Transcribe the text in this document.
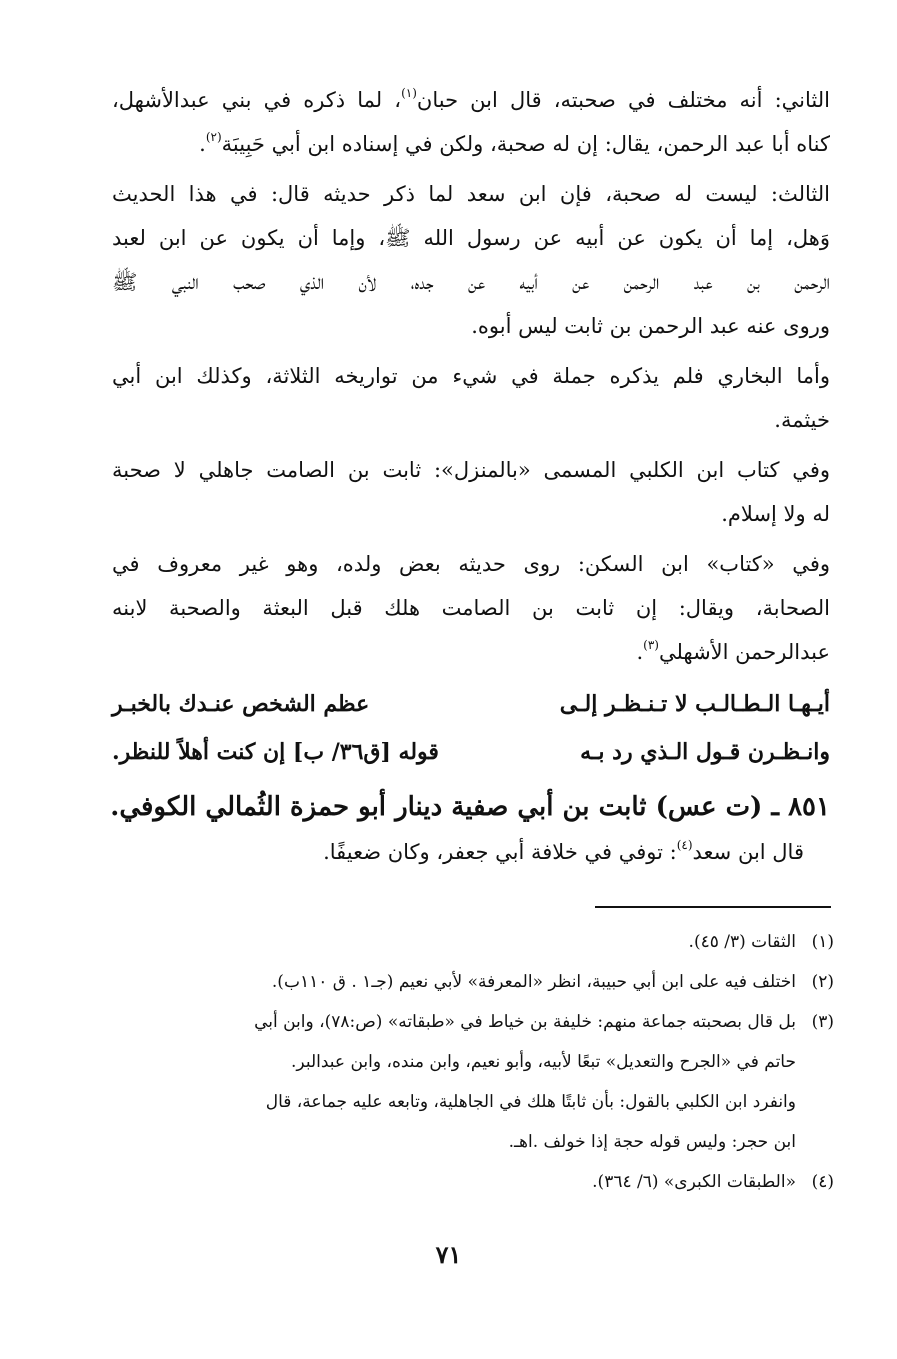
الثاني: أنه مختلف في صحبته، قال ابن حبان$^{(١)}$، لما ذكره في بني عبدالأشهل،
كناه أبا عبد الرحمن، يقال: إن له صحبة، ولكن في إسناده ابن أبي حَبِيبَة$^{(٢)}$.
الثالث: ليست له صحبة، فإن ابن سعد لما ذكر حديثه قال: في هذا الحديث
وَهل، إما أن يكون عن أبيه عن رسول الله ﷺ، وإما أن يكون عن ابن لعبد
الرحمن بن عبد الرحمن عن أبيه عن جده، لأن الذي صحب النبي ﷺ
وروى عنه عبد الرحمن بن ثابت ليس أبوه.
وأما البخاري فلم يذكره جملة في شيء من تواريخه الثلاثة، وكذلك ابن أبي
خيثمة.
وفي كتاب ابن الكلبي المسمى «بالمنزل»: ثابت بن الصامت جاهلي لا صحبة
له ولا إسلام.
وفي «كتاب» ابن السكن: روى حديثه بعض ولده، وهو غير معروف في
الصحابة، ويقال: إن ثابت بن الصامت هلك قبل البعثة والصحبة لابنه
عبدالرحمن الأشهلي$^{(٣)}$.
أيـهـا الـطـالـب لا تـنـظـر إلـى
عظم الشخص عنـدك بالخبـر
وانـظـرن قـول الـذي رد بـه
قوله [ق٣٦/ ب] إن كنت أهلاً للنظر.
٨٥١ ـ (ت عس) ثابت بن أبي صفية دينار أبو حمزة الثُمالي الكوفي.
قال ابن سعد$^{(٤)}$: توفي في خلافة أبي جعفر، وكان ضعيفًا.
(١)
الثقات (٣/ ٤٥).
(٢)
اختلف فيه على ابن أبي حبيبة، انظر «المعرفة» لأبي نعيم (جـ١ . ق ١١٠ب).
(٣)
بل قال بصحبته جماعة منهم: خليفة بن خياط في «طبقاته» (ص:٧٨)، وابن أبي
حاتم في «الجرح والتعديل» تبعًا لأبيه، وأبو نعيم، وابن منده، وابن عبدالبر.
وانفرد ابن الكلبي بالقول: بأن ثابتًا هلك في الجاهلية، وتابعه عليه جماعة، قال
ابن حجر: وليس قوله حجة إذا خولف .اهـ.
(٤)
«الطبقات الكبرى» (٦/ ٣٦٤).
٧١
